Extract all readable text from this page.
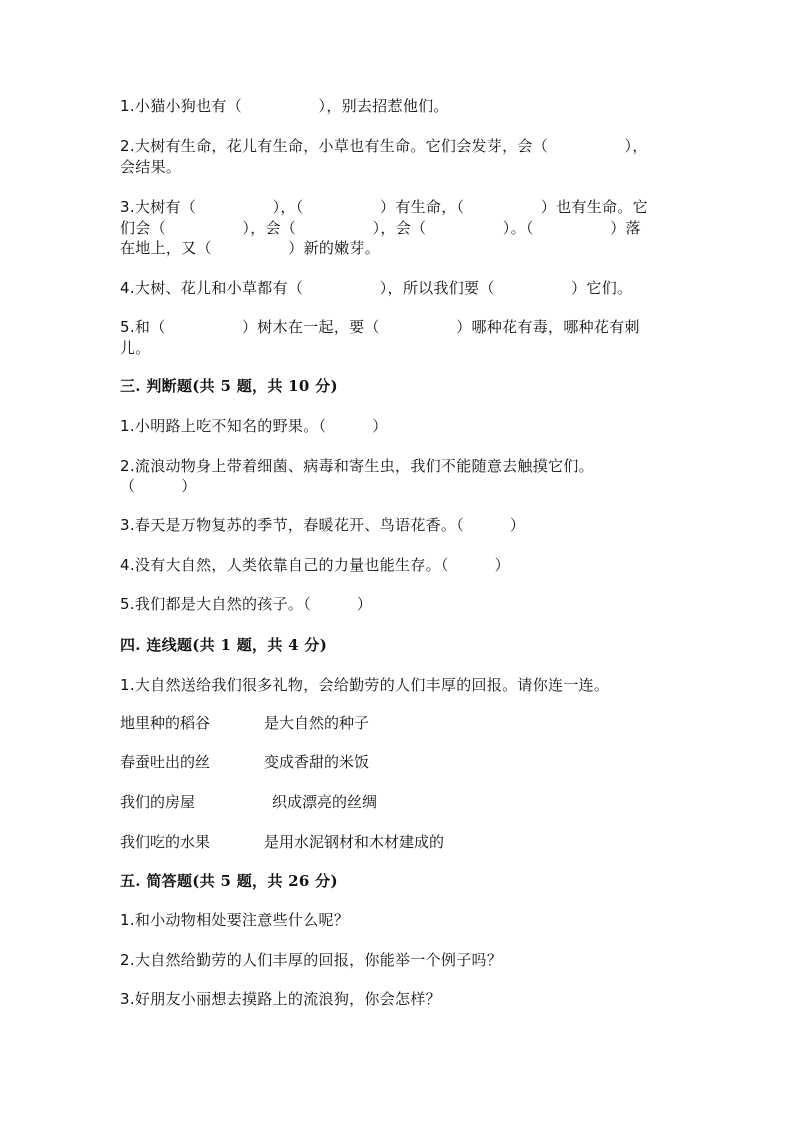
1.小猫小狗也有（　　　　　），别去招惹他们。
2.大树有生命，花儿有生命，小草也有生命。它们会发芽，会（　　　　　），
会结果。
3.大树有（　　　　　），（　　　　　）有生命，（　　　　　）也有生命。它
们会（　　　　　），会（　　　　　），会（　　　　　）。（　　　　　）落
在地上，又（　　　　　）新的嫩芽。
4.大树、花儿和小草都有（　　　　　），所以我们要（　　　　　）它们。
5.和（　　　　　）树木在一起，要（　　　　　）哪种花有毒，哪种花有刺
儿。
三. 判断题(共 5 题，共 10 分)
1.小明路上吃不知名的野果。（　　　）
2.流浪动物身上带着细菌、病毒和寄生虫，我们不能随意去触摸它们。
（　　　）
3.春天是万物复苏的季节，春暖花开、鸟语花香。（　　　）
4.没有大自然，人类依靠自己的力量也能生存。（　　　）
5.我们都是大自然的孩子。（　　　）
四. 连线题(共 1 题，共 4 分)
1.大自然送给我们很多礼物，会给勤劳的人们丰厚的回报。请你连一连。
地里种的稻谷	是大自然的种子
春蚕吐出的丝	变成香甜的米饭
我们的房屋	织成漂亮的丝绸
我们吃的水果	是用水泥钢材和木材建成的
五. 简答题(共 5 题，共 26 分)
1.和小动物相处要注意些什么呢？
2.大自然给勤劳的人们丰厚的回报，你能举一个例子吗？
3.好朋友小丽想去摸路上的流浪狗，你会怎样？
